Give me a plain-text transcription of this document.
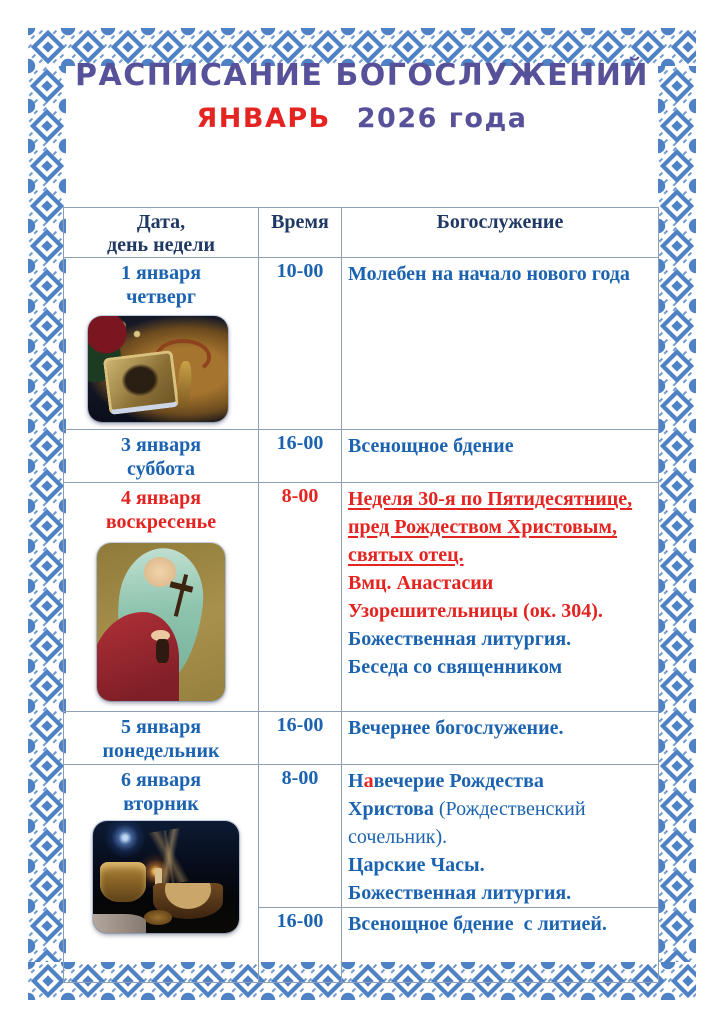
РАСПИСАНИЕ БОГОСЛУЖЕНИЙ
ЯНВАРЬ 2026 года
Дата,
день недели	Время	Богослужение

1 января
четверг	10-00	Молебен на начало нового года

3 января
суббота	16-00	Всенощное бдение

4 января
воскресенье
	8-00	Неделя 30-я по Пятидесятнице,

пред Рождеством Христовым,

святых отец.

Вмц. Анастасии Узорешительницы (ок. 304).

Божественная литургия.

Беседа со священником

5 января
понедельник	16-00	Вечернее богослужение.

6 января
вторник
	8-00	Навечерие Рождества Христова (Рождественский сочельник).

Царские Часы.

Божественная литургия.

	16-00	Всенощное бдение  с литией.
